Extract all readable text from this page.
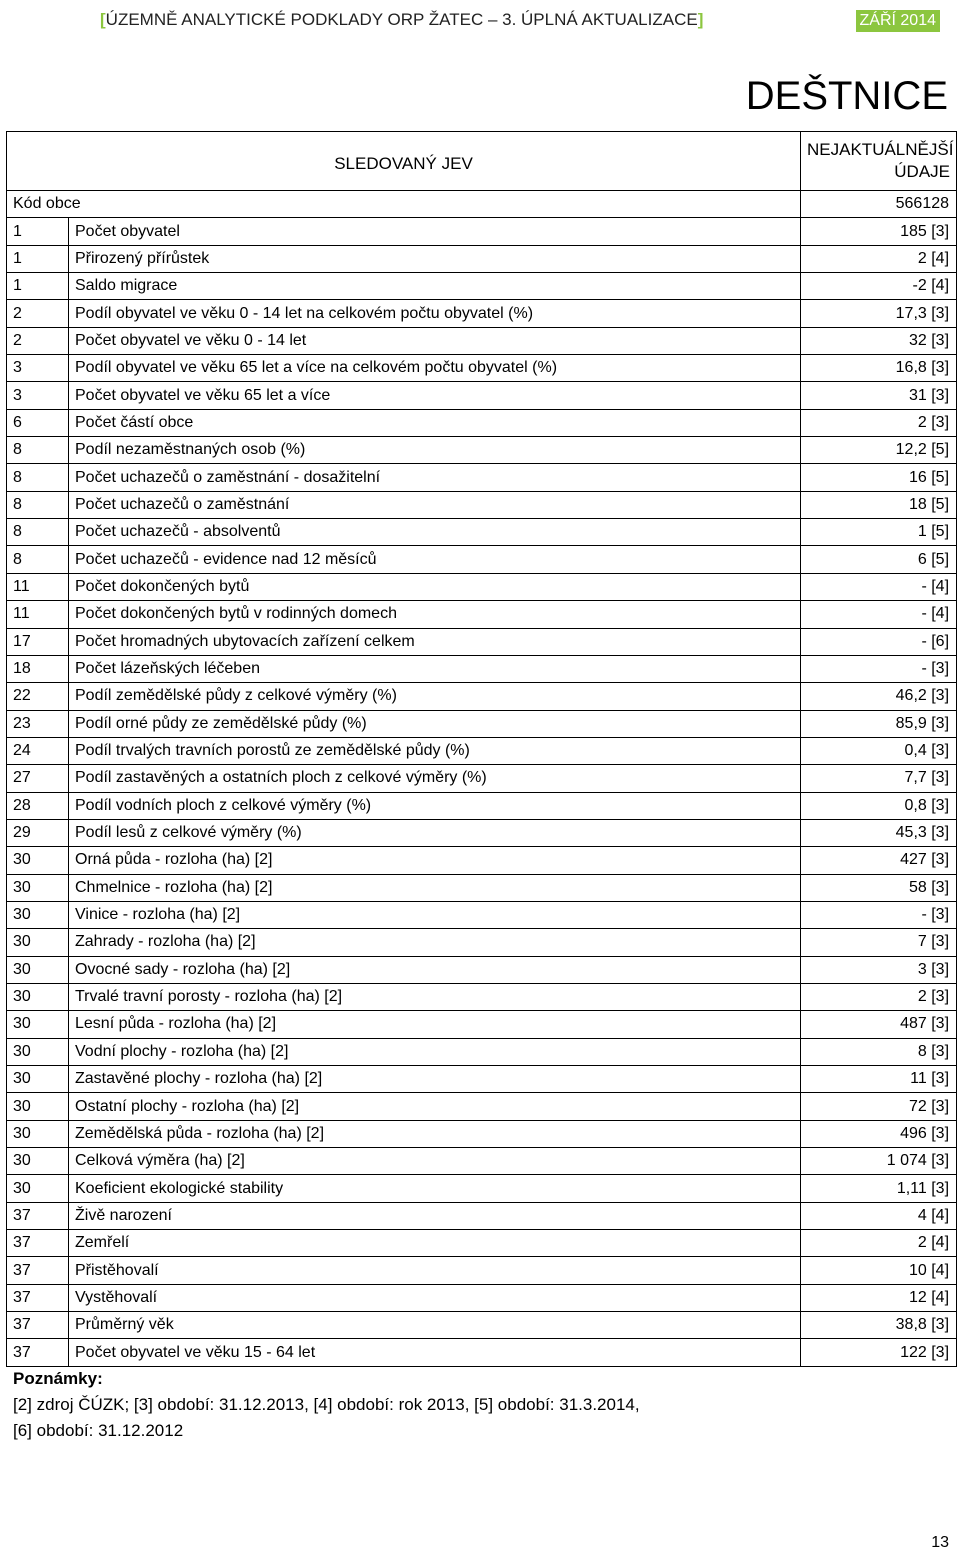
[ÚZEMNĚ ANALYTICKÉ PODKLADY ORP ŽATEC – 3. ÚPLNÁ AKTUALIZACE]	ZÁŘÍ 2014
DEŠTNICE
SLEDOVANÝ JEV		NEJAKTUÁLNĚJŠÍ
ÚDAJE
Kód obce		566128
1	Počet obyvatel	185 [3]
1	Přirozený přírůstek	2 [4]
1	Saldo migrace	-2 [4]
2	Podíl obyvatel ve věku 0 - 14 let na celkovém počtu obyvatel (%)	17,3 [3]
2	Počet obyvatel ve věku 0 - 14 let	32 [3]
3	Podíl obyvatel ve věku 65 let a více na celkovém počtu obyvatel (%)	16,8 [3]
3	Počet obyvatel ve věku 65 let a více	31 [3]
6	Počet částí obce	2 [3]
8	Podíl nezaměstnaných osob (%)	12,2 [5]
8	Počet uchazečů o zaměstnání - dosažitelní	16 [5]
8	Počet uchazečů o zaměstnání	18 [5]
8	Počet uchazečů - absolventů	1 [5]
8	Počet uchazečů - evidence nad 12 měsíců	6 [5]
11	Počet dokončených bytů	- [4]
11	Počet dokončených bytů v rodinných domech	- [4]
17	Počet hromadných ubytovacích zařízení celkem	- [6]
18	Počet lázeňských léčeben	- [3]
22	Podíl zemědělské půdy z celkové výměry (%)	46,2 [3]
23	Podíl orné půdy ze zemědělské půdy (%)	85,9 [3]
24	Podíl trvalých travních porostů ze zemědělské půdy (%)	0,4 [3]
27	Podíl zastavěných a ostatních ploch z celkové výměry (%)	7,7 [3]
28	Podíl vodních ploch z celkové výměry (%)	0,8 [3]
29	Podíl lesů z celkové výměry (%)	45,3 [3]
30	Orná půda - rozloha (ha) [2]	427 [3]
30	Chmelnice - rozloha (ha) [2]	58 [3]
30	Vinice - rozloha (ha) [2]	- [3]
30	Zahrady - rozloha (ha) [2]	7 [3]
30	Ovocné sady - rozloha (ha) [2]	3 [3]
30	Trvalé travní porosty - rozloha (ha) [2]	2 [3]
30	Lesní půda - rozloha (ha) [2]	487 [3]
30	Vodní plochy - rozloha (ha) [2]	8 [3]
30	Zastavěné plochy - rozloha (ha) [2]	11 [3]
30	Ostatní plochy - rozloha (ha) [2]	72 [3]
30	Zemědělská půda - rozloha (ha) [2]	496 [3]
30	Celková výměra (ha) [2]	1 074 [3]
30	Koeficient ekologické stability	1,11 [3]
37	Živě narození	4 [4]
37	Zemřelí	2 [4]
37	Přistěhovalí	10 [4]
37	Vystěhovalí	12 [4]
37	Průměrný věk	38,8 [3]
37	Počet obyvatel ve věku 15 - 64 let	122 [3]
Poznámky:
[2] zdroj ČÚZK; [3] období: 31.12.2013, [4] období: rok 2013, [5] období: 31.3.2014,
[6] období: 31.12.2012
13
